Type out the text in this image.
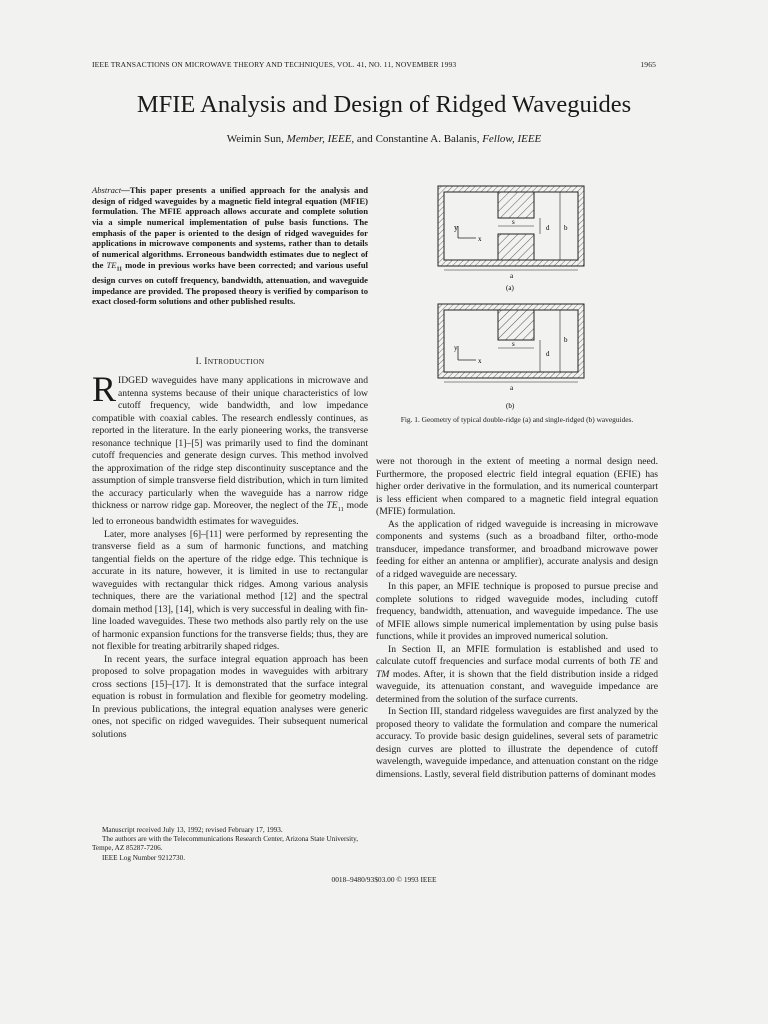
IEEE TRANSACTIONS ON MICROWAVE THEORY AND TECHNIQUES, VOL. 41, NO. 11, NOVEMBER 1993	1965
MFIE Analysis and Design of Ridged Waveguides
Weimin Sun, Member, IEEE, and Constantine A. Balanis, Fellow, IEEE
Abstract—This paper presents a unified approach for the analysis and design of ridged waveguides by a magnetic field integral equation (MFIE) formulation. The MFIE approach allows accurate and complete solution via a simple numerical implementation of pulse basis functions. The emphasis of the paper is oriented to the design of ridged waveguides for applications in microwave components and systems, rather than to details of numerical algorithms. Erroneous bandwidth estimates due to neglect of the $TE_{11}$ mode in previous works have been corrected; and various useful design curves on cutoff frequency, bandwidth, attenuation, and waveguide impedance are provided. The proposed theory is verified by comparison to exact closed-form solutions and other published results.
I. INTRODUCTION

RIDGED waveguides have many applications in microwave and antenna systems because of their unique characteristics of low cutoff frequency, wide bandwidth, and low impedance compatible with coaxial cables. The research endlessly continues, as reported in the literature. In the early pioneering works, the transverse resonance technique [1]–[5] was primarily used to find the dominant cutoff frequencies and generate design curves. This method involved the approximation of the ridge step discontinuity susceptance and the assumption of simple transverse field distribution, which in turn limited the accuracy particularly when the waveguide has a narrow ridge thickness or narrow ridge gap. Moreover, the neglect of the $TE_{11}$ mode led to erroneous bandwidth estimates for waveguides.

Later, more analyses [6]–[11] were performed by representing the transverse field as a sum of harmonic functions, and matching tangential fields on the aperture of the ridge edge. This technique is accurate in its nature, however, it is limited in use to rectangular waveguides with rectangular thick ridges. Among various analysis techniques, there are the variational method [12] and the spectral domain method [13], [14], which is very successful in dealing with fin-line loaded waveguides. These two methods also partly rely on the use of harmonic expansion functions for the transverse fields; thus, they are not flexible for treating arbitrarily shaped ridges.

In recent years, the surface integral equation approach has been proposed to solve propagation modes in waveguides with arbitrary cross sections [15]–[17]. It is demonstrated that the surface integral equation is robust in formulation and flexible for geometry modeling. In previous publications, the integral equation analyses were generic ones, not specific on ridged waveguides. Their subsequent numerical solutions

Manuscript received July 13, 1992; revised February 17, 1993.

The authors are with the Telecommunications Research Center, Arizona State University, Tempe, AZ 85287-7206.

IEEE Log Number 9212730.

y
x
s
d b
a
(a)
y
x
s
d
b
a
(b)
Fig. 1. Geometry of typical double-ridge (a) and single-ridged (b) waveguides.

were not thorough in the extent of meeting a normal design need. Furthermore, the proposed electric field integral equation (EFIE) has higher order derivative in the formulation, and its numerical counterpart is less efficient when compared to a magnetic field integral equation (MFIE) formulation.

As the application of ridged waveguide is increasing in microwave components and systems (such as a broadband filter, ortho-mode transducer, impedance transformer, and broadband microwave power feeding for either an antenna or amplifier), accurate analysis and design of a ridged waveguide are necessary.

In this paper, an MFIE technique is proposed to pursue precise and complete solutions to ridged waveguide modes, including cutoff frequency, bandwidth, attenuation, and waveguide impedance. The use of MFIE allows simple numerical implementation by using pulse basis functions, while it provides an improved numerical solution.

In Section II, an MFIE formulation is established and used to calculate cutoff frequencies and surface modal currents of both TE and TM modes. After, it is shown that the field distribution inside a ridged waveguide, its attenuation constant, and waveguide impedance are determined from the solution of the surface currents.

In Section III, standard ridgeless waveguides are first analyzed by the proposed theory to validate the formulation and compare the numerical accuracy. To provide basic design guidelines, several sets of parametric design curves are plotted to illustrate the dependence of cutoff wavelength, waveguide impedance, and attenuation constant on the ridge dimensions. Lastly, several field distribution patterns of dominant modes

0018–9480/93$03.00 © 1993 IEEE
